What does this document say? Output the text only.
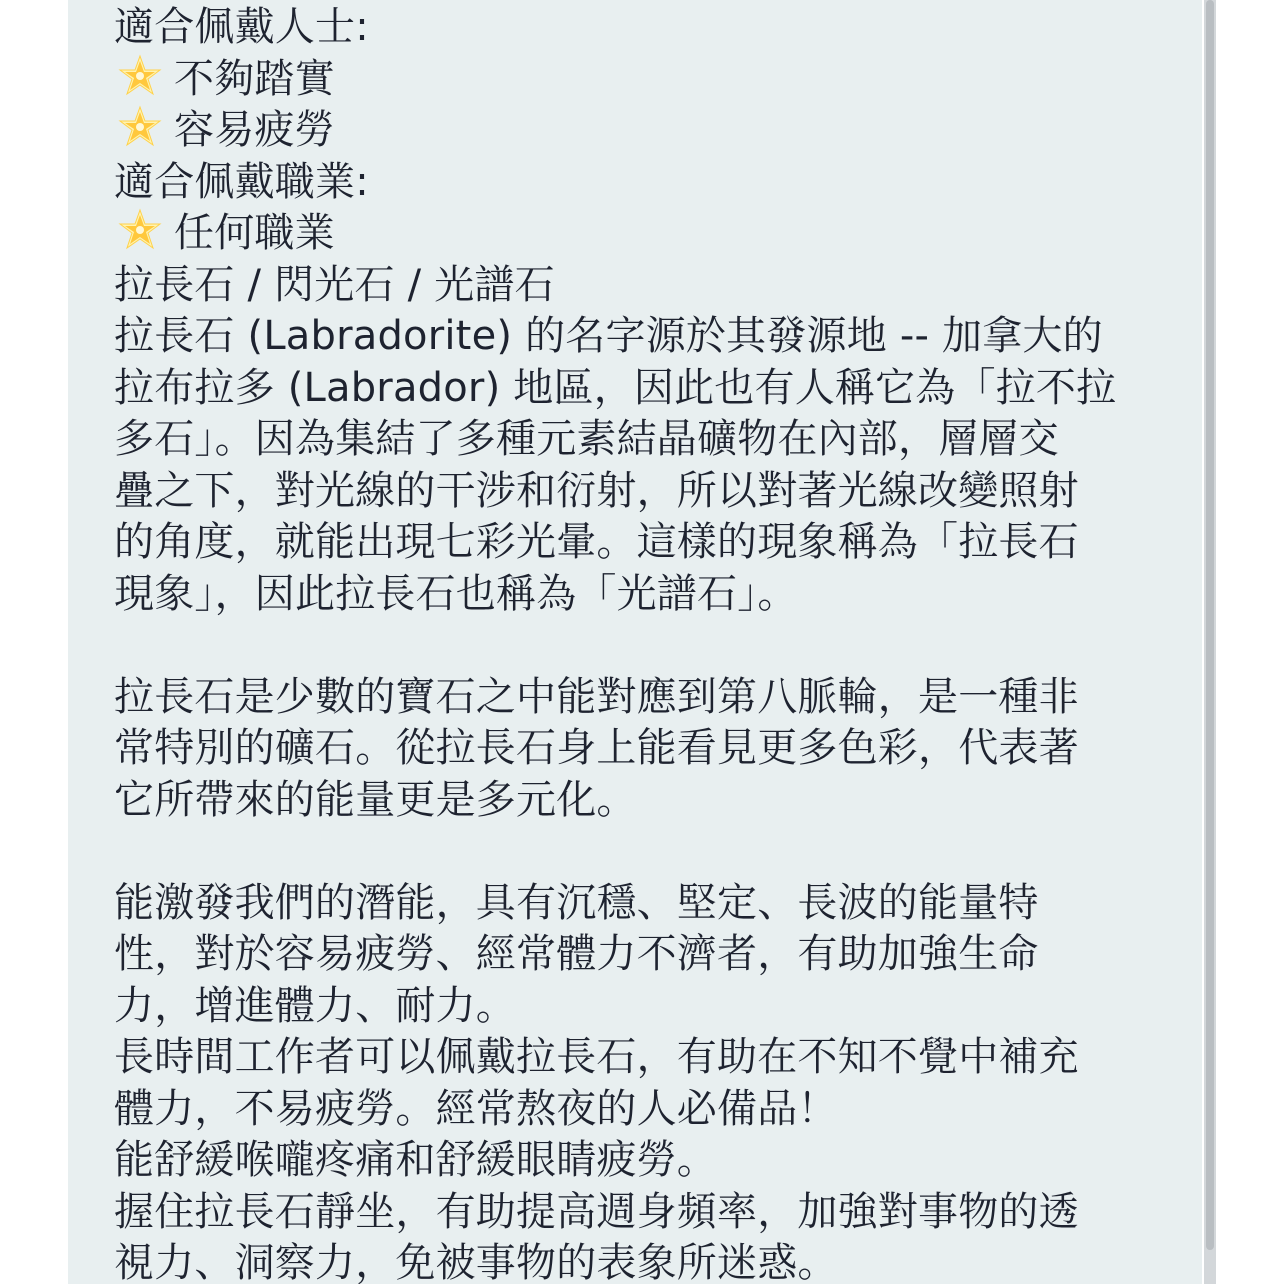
適合佩戴人士:
不夠踏實
容易疲勞
適合佩戴職業:
任何職業
拉長石 / 閃光石 / 光譜石
拉長石 (Labradorite) 的名字源於其發源地 -- 加拿大的
拉布拉多 (Labrador) 地區，因此也有人稱它為「拉不拉
多石」。因為集結了多種元素結晶礦物在內部，層層交
疊之下，對光線的干涉和衍射，所以對著光線改變照射
的角度，就能出現七彩光暈。這樣的現象稱為「拉長石
現象」，因此拉長石也稱為「光譜石」。
拉長石是少數的寶石之中能對應到第八脈輪，是一種非
常特別的礦石。從拉長石身上能看見更多色彩，代表著
它所帶來的能量更是多元化。
能激發我們的潛能，具有沉穩、堅定、長波的能量特
性，對於容易疲勞、經常體力不濟者，有助加強生命
力，增進體力、耐力。
長時間工作者可以佩戴拉長石，有助在不知不覺中補充
體力，不易疲勞。經常熬夜的人必備品！
能舒緩喉嚨疼痛和舒緩眼睛疲勞。
握住拉長石靜坐，有助提高週身頻率，加強對事物的透
視力、洞察力，免被事物的表象所迷惑。
